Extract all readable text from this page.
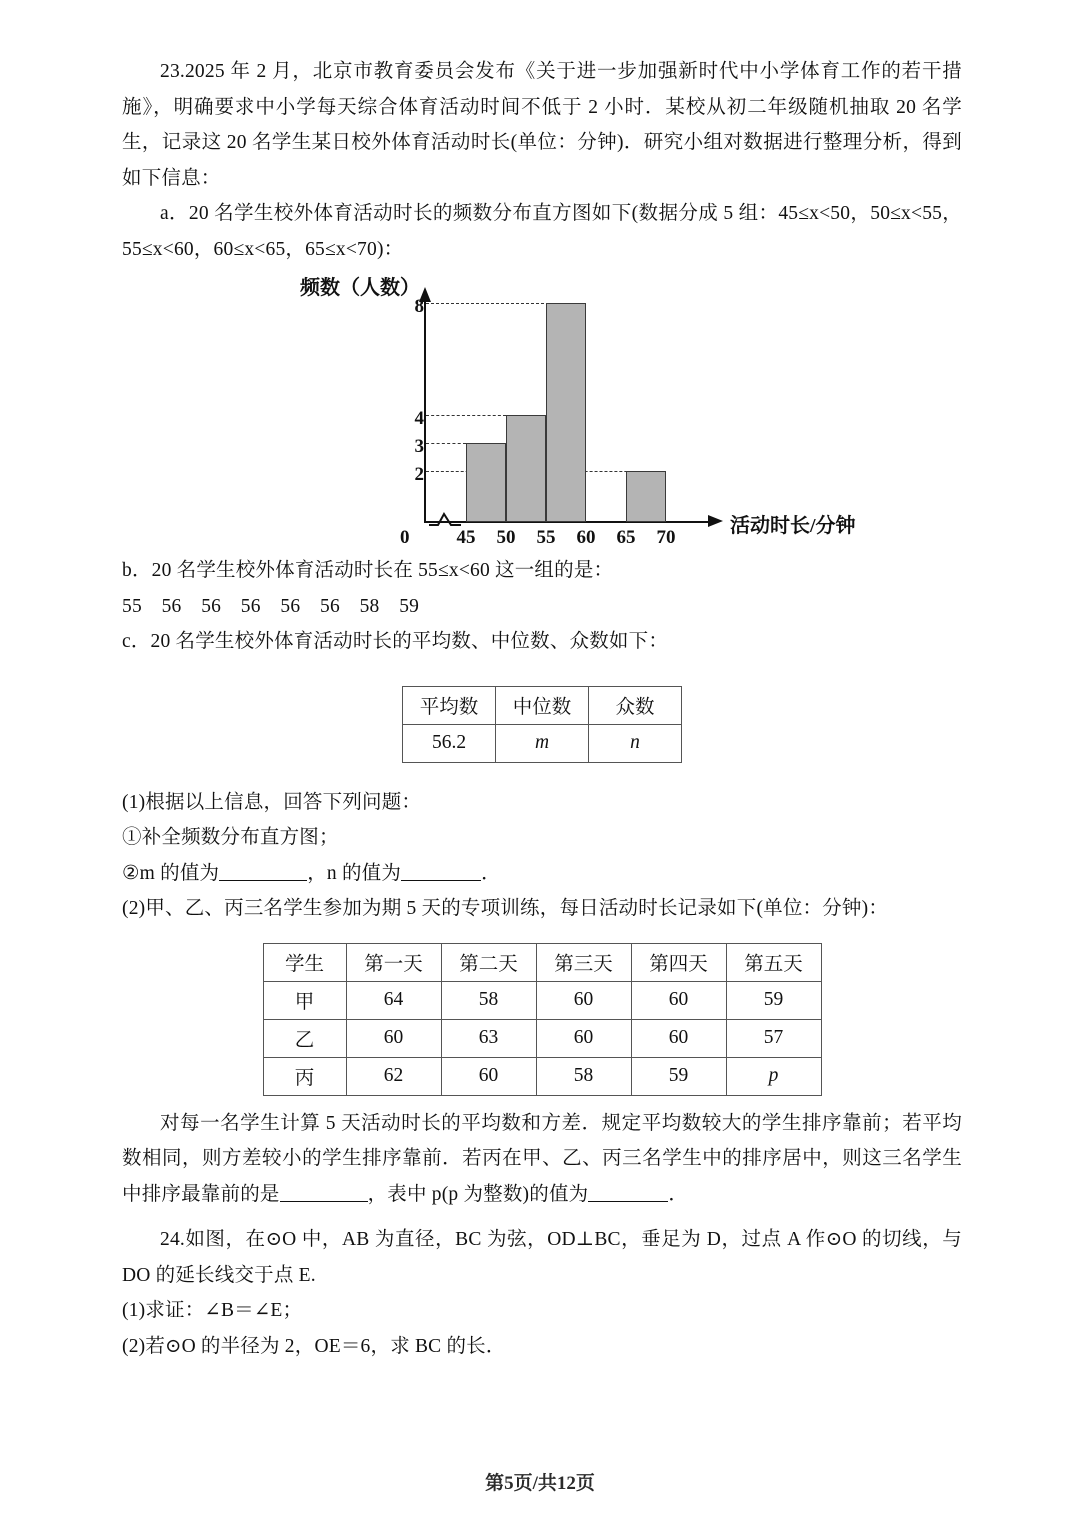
23.2025 年 2 月，北京市教育委员会发布《关于进一步加强新时代中小学体育工作的若干措施》，明确要求中小学每天综合体育活动时间不低于 2 小时．某校从初二年级随机抽取 20 名学生，记录这 20 名学生某日校外体育活动时长(单位：分钟)．研究小组对数据进行整理分析，得到如下信息：

a．20 名学生校外体育活动时长的频数分布直方图如下(数据分成 5 组：45≤x<50，50≤x<55，55≤x<60，60≤x<65，65≤x<70)：

频数（人数）
活动时长/分钟
2
3
4
8
0	45	50	55	60	65	70

b．20 名学生校外体育活动时长在 55≤x<60 这一组的是：

55　56　56　56　56　56　58　59

c．20 名学生校外体育活动时长的平均数、中位数、众数如下：

平均数	中位数	众数
56.2	m	n

(1)根据以上信息，回答下列问题：

①补全频数分布直方图；

②m 的值为	，n 的值为	．

(2)甲、乙、丙三名学生参加为期 5 天的专项训练，每日活动时长记录如下(单位：分钟)：

学生	第一天	第二天	第三天	第四天	第五天
甲	64	58	60	60	59
乙	60	63	60	60	57
丙	62	60	58	59	p

对每一名学生计算 5 天活动时长的平均数和方差．规定平均数较大的学生排序靠前；若平均数相同，则方差较小的学生排序靠前．若丙在甲、乙、丙三名学生中的排序居中，则这三名学生中排序最靠前的是	，表中 p(p 为整数)的值为	．

24.如图，在⊙O 中，AB 为直径，BC 为弦，OD⊥BC，垂足为 D，过点 A 作⊙O 的切线，与 DO 的延长线交于点 E.

(1)求证：∠B＝∠E；

(2)若⊙O 的半径为 2，OE＝6，求 BC 的长．

第5页/共12页
